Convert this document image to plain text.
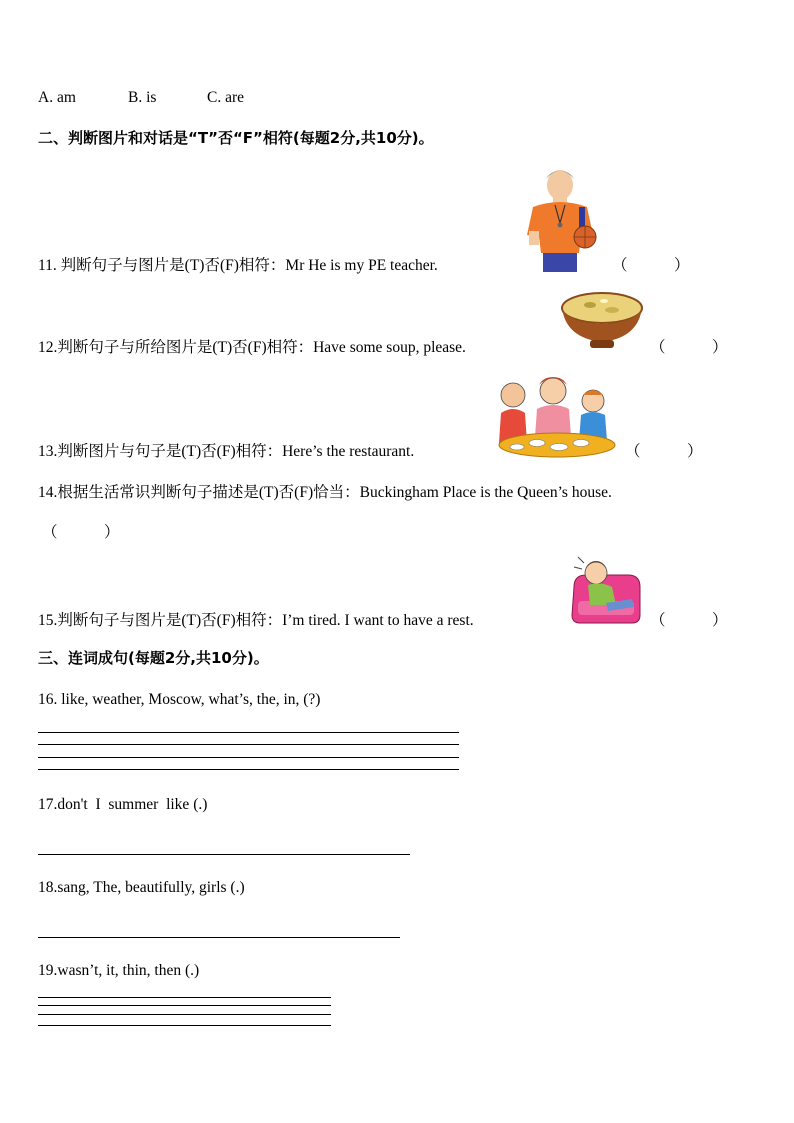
A. am	B. is	C. are
二、判断图片和对话是“T”否“F”相符(每题2分,共10分)。
11. 判断句子与图片是(T)否(F)相符：Mr He is my PE teacher.	（　　　）
12.判断句子与所给图片是(T)否(F)相符：Have some soup, please.	（　　　）
13.判断图片与句子是(T)否(F)相符：Here’s the restaurant.	（　　　）
14.根据生活常识判断句子描述是(T)否(F)恰当：Buckingham Place is the Queen’s house.
（　　　）
15.判断句子与图片是(T)否(F)相符：I’m tired. I want to have a rest.	（　　　）
三、连词成句(每题2分,共10分)。
16. like, weather, Moscow, what’s, the, in, (?)
17.don't  I  summer  like (.)
18.sang, The, beautifully, girls (.)
19.wasn’t, it, thin, then (.)
